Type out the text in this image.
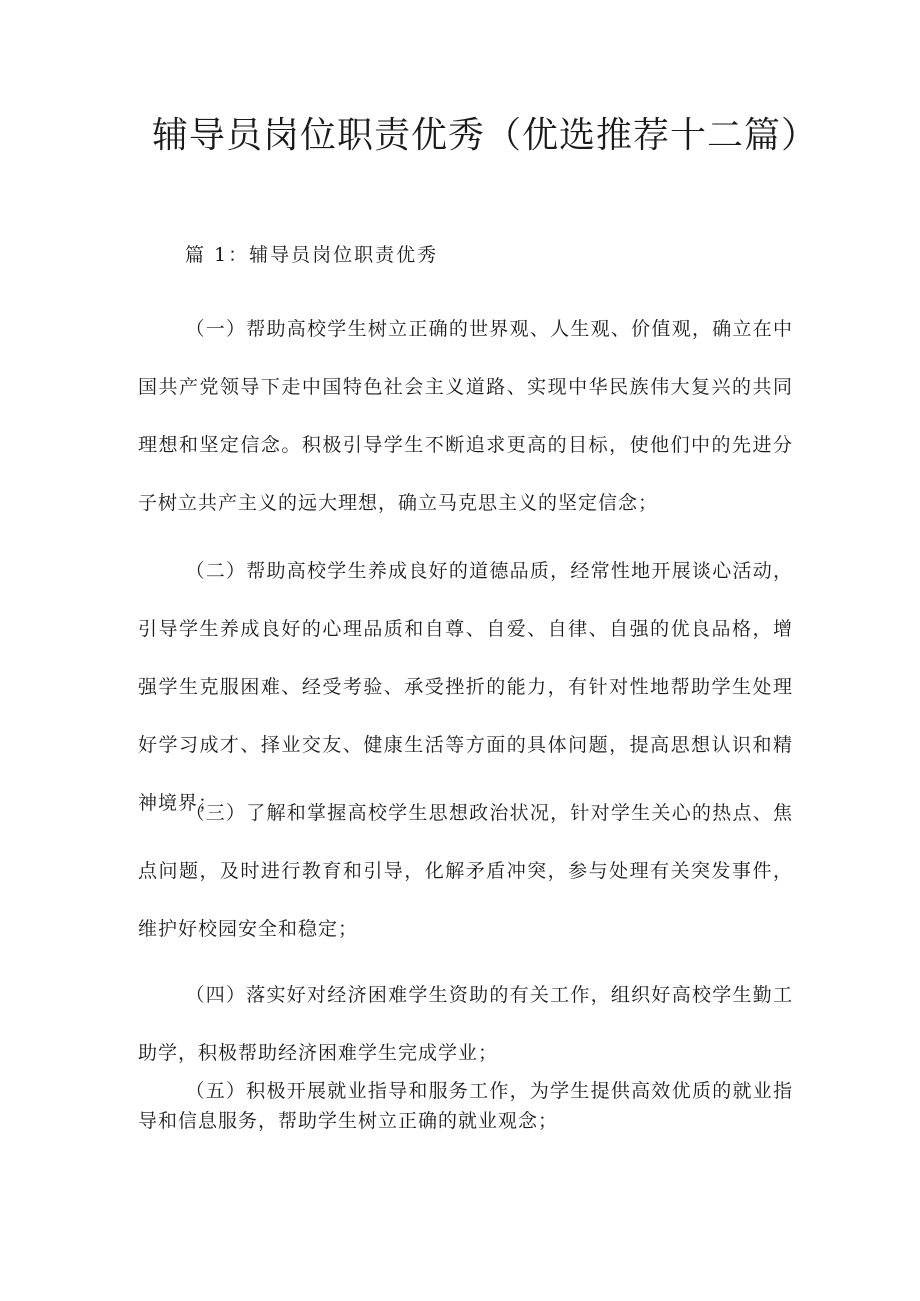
辅导员岗位职责优秀（优选推荐十二篇）

篇 1：辅导员岗位职责优秀

（一）帮助高校学生树立正确的世界观、人生观、价值观，确立在中国共产党领导下走中国特色社会主义道路、实现中华民族伟大复兴的共同理想和坚定信念。积极引导学生不断追求更高的目标，使他们中的先进分子树立共产主义的远大理想，确立马克思主义的坚定信念；

（二）帮助高校学生养成良好的道德品质，经常性地开展谈心活动，引导学生养成良好的心理品质和自尊、自爱、自律、自强的优良品格，增强学生克服困难、经受考验、承受挫折的能力，有针对性地帮助学生处理好学习成才、择业交友、健康生活等方面的具体问题，提高思想认识和精神境界；

（三）了解和掌握高校学生思想政治状况，针对学生关心的热点、焦点问题，及时进行教育和引导，化解矛盾冲突，参与处理有关突发事件，维护好校园安全和稳定；

（四）落实好对经济困难学生资助的有关工作，组织好高校学生勤工助学，积极帮助经济困难学生完成学业；

（五）积极开展就业指导和服务工作，为学生提供高效优质的就业指导和信息服务，帮助学生树立正确的就业观念；
